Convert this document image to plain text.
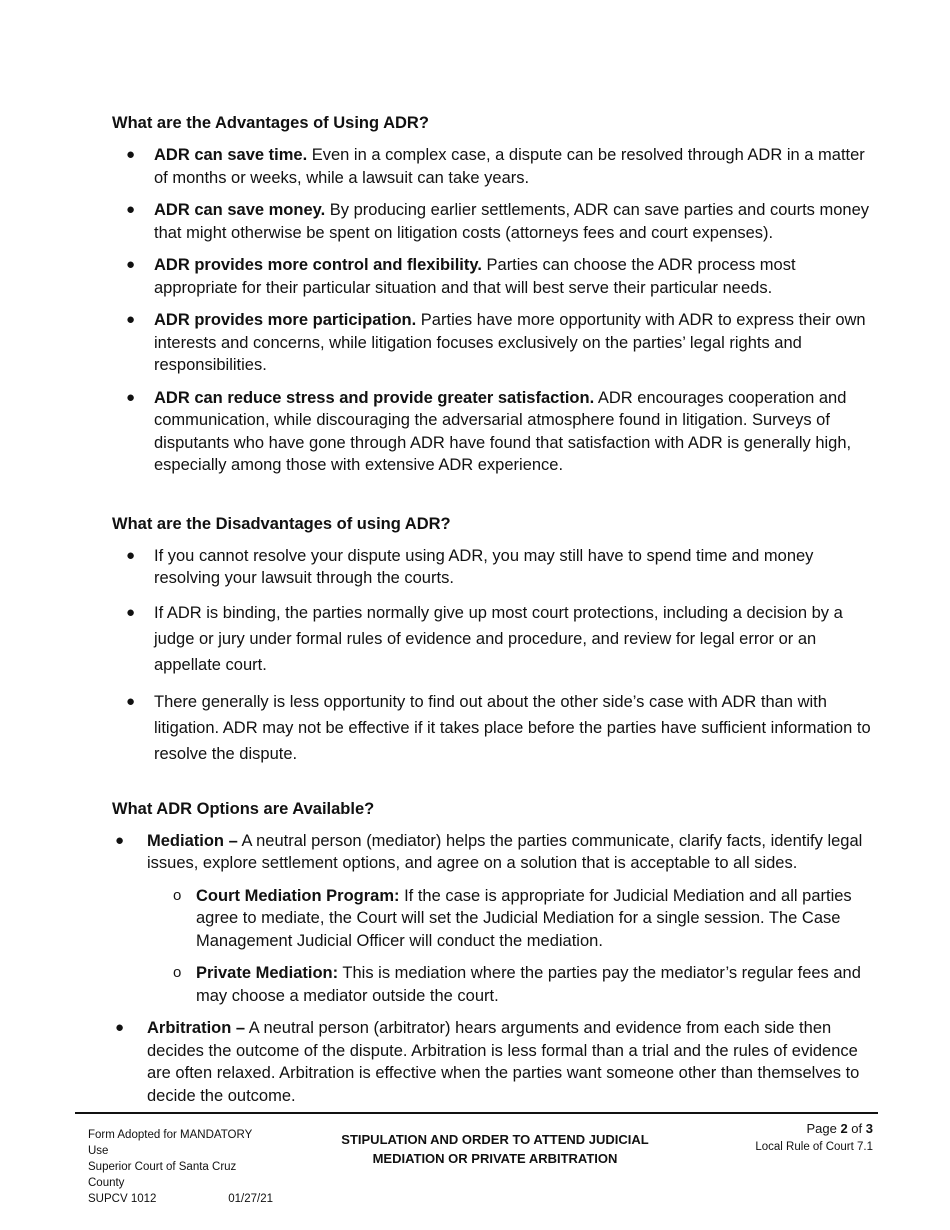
What are the Advantages of Using ADR?
● ADR can save time. Even in a complex case, a dispute can be resolved through ADR in a matter of months or weeks, while a lawsuit can take years.
● ADR can save money. By producing earlier settlements, ADR can save parties and courts money that might otherwise be spent on litigation costs (attorneys fees and court expenses).
● ADR provides more control and flexibility. Parties can choose the ADR process most appropriate for their particular situation and that will best serve their particular needs.
● ADR provides more participation. Parties have more opportunity with ADR to express their own interests and concerns, while litigation focuses exclusively on the parties’ legal rights and responsibilities.
● ADR can reduce stress and provide greater satisfaction. ADR encourages cooperation and communication, while discouraging the adversarial atmosphere found in litigation. Surveys of disputants who have gone through ADR have found that satisfaction with ADR is generally high, especially among those with extensive ADR experience.
What are the Disadvantages of using ADR?
● If you cannot resolve your dispute using ADR, you may still have to spend time and money resolving your lawsuit through the courts.
● If ADR is binding, the parties normally give up most court protections, including a decision by a judge or jury under formal rules of evidence and procedure, and review for legal error or an appellate court.
● There generally is less opportunity to find out about the other side’s case with ADR than with litigation. ADR may not be effective if it takes place before the parties have sufficient information to resolve the dispute.
What ADR Options are Available?
● Mediation – A neutral person (mediator) helps the parties communicate, clarify facts, identify legal issues, explore settlement options, and agree on a solution that is acceptable to all sides.
o Court Mediation Program: If the case is appropriate for Judicial Mediation and all parties agree to mediate, the Court will set the Judicial Mediation for a single session. The Case Management Judicial Officer will conduct the mediation.
o Private Mediation: This is mediation where the parties pay the mediator’s regular fees and may choose a mediator outside the court.
● Arbitration – A neutral person (arbitrator) hears arguments and evidence from each side then decides the outcome of the dispute. Arbitration is less formal than a trial and the rules of evidence are often relaxed. Arbitration is effective when the parties want someone other than themselves to decide the outcome.
Form Adopted for MANDATORY Use
Superior Court of Santa Cruz County
SUPCV 1012	01/27/21
STIPULATION AND ORDER TO ATTEND JUDICIAL
MEDIATION OR PRIVATE ARBITRATION
Page 2 of 3
Local Rule of Court 7.1
